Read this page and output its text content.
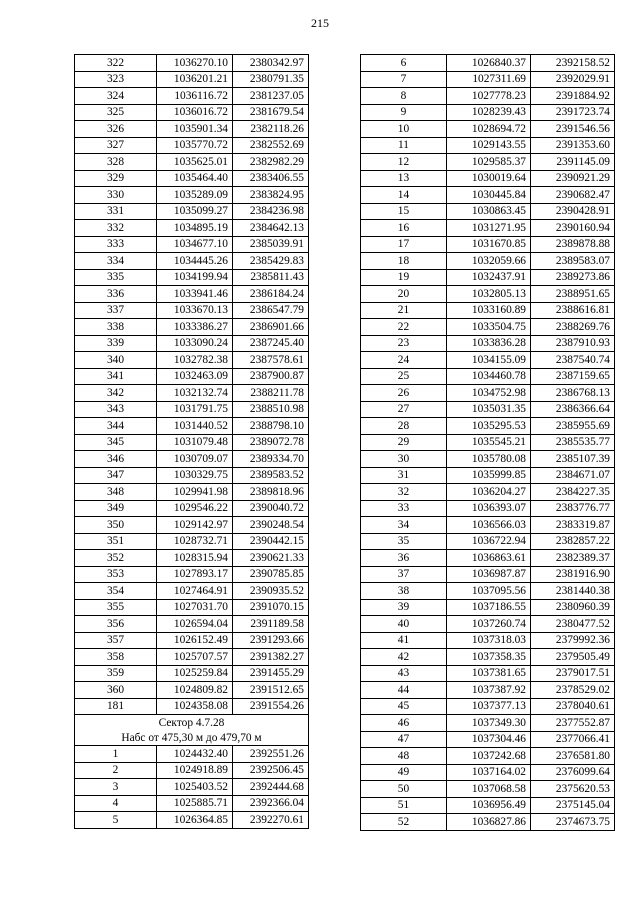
215
322	1036270.10	2380342.97
323	1036201.21	2380791.35
324	1036116.72	2381237.05
325	1036016.72	2381679.54
326	1035901.34	2382118.26
327	1035770.72	2382552.69
328	1035625.01	2382982.29
329	1035464.40	2383406.55
330	1035289.09	2383824.95
331	1035099.27	2384236.98
332	1034895.19	2384642.13
333	1034677.10	2385039.91
334	1034445.26	2385429.83
335	1034199.94	2385811.43
336	1033941.46	2386184.24
337	1033670.13	2386547.79
338	1033386.27	2386901.66
339	1033090.24	2387245.40
340	1032782.38	2387578.61
341	1032463.09	2387900.87
342	1032132.74	2388211.78
343	1031791.75	2388510.98
344	1031440.52	2388798.10
345	1031079.48	2389072.78
346	1030709.07	2389334.70
347	1030329.75	2389583.52
348	1029941.98	2389818.96
349	1029546.22	2390040.72
350	1029142.97	2390248.54
351	1028732.71	2390442.15
352	1028315.94	2390621.33
353	1027893.17	2390785.85
354	1027464.91	2390935.52
355	1027031.70	2391070.15
356	1026594.04	2391189.58
357	1026152.49	2391293.66
358	1025707.57	2391382.27
359	1025259.84	2391455.29
360	1024809.82	2391512.65
181	1024358.08	2391554.26
Сектор 4.7.28		
Набс от 475,30 м до 479,70 м		
1	1024432.40	2392551.26
2	1024918.89	2392506.45
3	1025403.52	2392444.68
4	1025885.71	2392366.04
5	1026364.85	2392270.61
6	1026840.37	2392158.52
7	1027311.69	2392029.91
8	1027778.23	2391884.92
9	1028239.43	2391723.74
10	1028694.72	2391546.56
11	1029143.55	2391353.60
12	1029585.37	2391145.09
13	1030019.64	2390921.29
14	1030445.84	2390682.47
15	1030863.45	2390428.91
16	1031271.95	2390160.94
17	1031670.85	2389878.88
18	1032059.66	2389583.07
19	1032437.91	2389273.86
20	1032805.13	2388951.65
21	1033160.89	2388616.81
22	1033504.75	2388269.76
23	1033836.28	2387910.93
24	1034155.09	2387540.74
25	1034460.78	2387159.65
26	1034752.98	2386768.13
27	1035031.35	2386366.64
28	1035295.53	2385955.69
29	1035545.21	2385535.77
30	1035780.08	2385107.39
31	1035999.85	2384671.07
32	1036204.27	2384227.35
33	1036393.07	2383776.77
34	1036566.03	2383319.87
35	1036722.94	2382857.22
36	1036863.61	2382389.37
37	1036987.87	2381916.90
38	1037095.56	2381440.38
39	1037186.55	2380960.39
40	1037260.74	2380477.52
41	1037318.03	2379992.36
42	1037358.35	2379505.49
43	1037381.65	2379017.51
44	1037387.92	2378529.02
45	1037377.13	2378040.61
46	1037349.30	2377552.87
47	1037304.46	2377066.41
48	1037242.68	2376581.80
49	1037164.02	2376099.64
50	1037068.58	2375620.53
51	1036956.49	2375145.04
52	1036827.86	2374673.75
